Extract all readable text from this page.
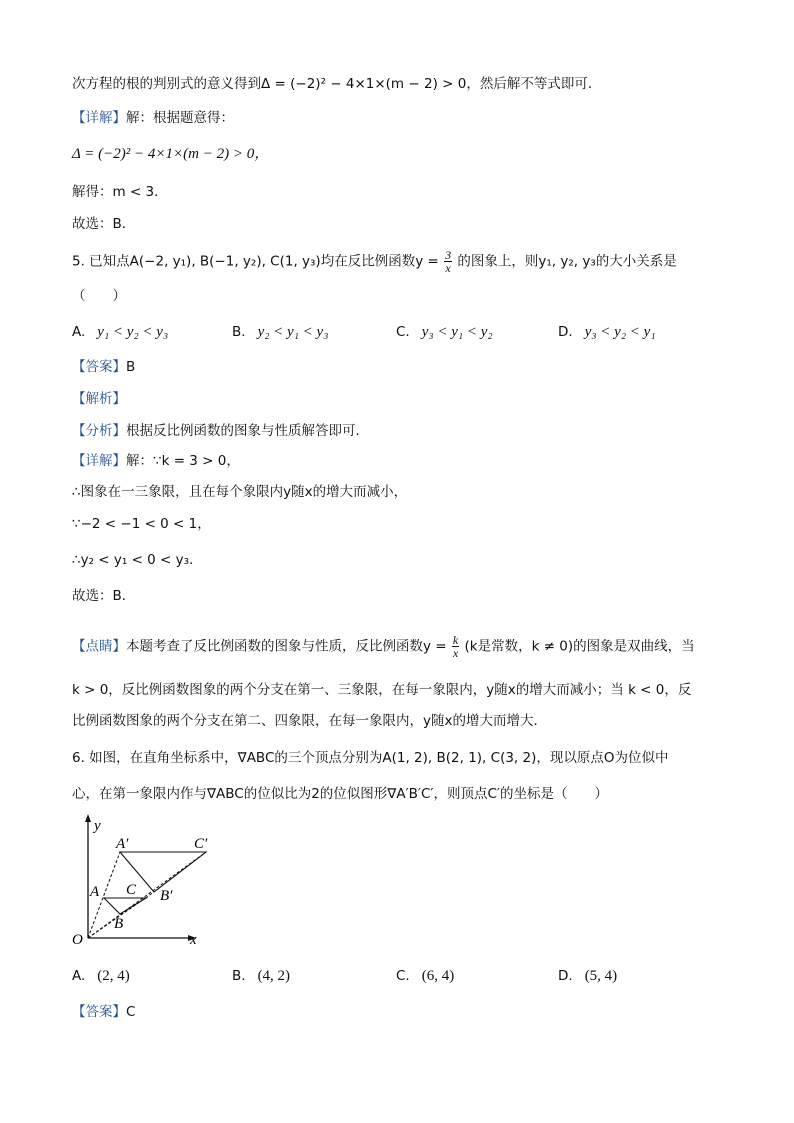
次方程的根的判别式的意义得到Δ = (−2)² − 4×1×(m − 2) > 0，然后解不等式即可．
【详解】解：根据题意得：
Δ = (−2)² − 4×1×(m − 2) > 0，
解得：m < 3．
故选：B．
5. 已知点A(−2, y₁), B(−1, y₂), C(1, y₃)均在反比例函数$y = \frac{3}{x}$ 的图象上，则y₁, y₂, y₃的大小关系是
（　　）
A. y₁ < y₂ < y₃	B. y₂ < y₁ < y₃	C. y₃ < y₁ < y₂	D. y₃ < y₂ < y₁
【答案】B
【解析】
【分析】根据反比例函数的图象与性质解答即可．
【详解】解：∵k = 3 > 0，
∴图象在一三象限，且在每个象限内y随x的增大而减小，
∵−2 < −1 < 0 < 1，
∴y₂ < y₁ < 0 < y₃．
故选：B．
【点睛】本题考查了反比例函数的图象与性质，反比例函数$y = \frac{k}{x} (k$是常数，k ≠ 0)的图象是双曲线，当
k > 0，反比例函数图象的两个分支在第一、三象限，在每一象限内，y随x的增大而减小；当 k < 0，反
比例函数图象的两个分支在第二、四象限，在每一象限内，y随x的增大而增大．
6. 如图，在直角坐标系中，∇ABC的三个顶点分别为A(1, 2), B(2, 1), C(3, 2)，现以原点O为位似中
心，在第一象限内作与∇ABC的位似比为2的位似图形∇A′B′C′，则顶点C′的坐标是（　　）
y
x
O
A
B
C
A′
B′
C′
A. (2, 4)	B. (4, 2)	C. (6, 4)	D. (5, 4)
【答案】C
